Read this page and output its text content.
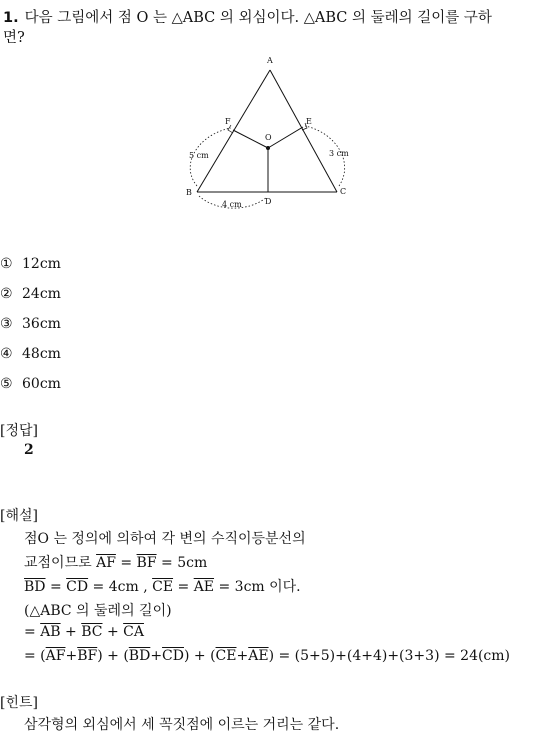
1. 다음 그림에서 점 O 는 △ABC 의 외심이다. △ABC 의 둘레의 길이를 구하
면?
A
B	C
D
E
F
O
5 cm	3 cm
4 cm
① 12cm
② 24cm
③ 36cm
④ 48cm
⑤ 60cm
[정답]
2
[해설]
점O 는 정의에 의하여 각 변의 수직이등분선의
교점이므로 $\overline{AF} = \overline{BF} = 5cm$
$\overline{BD} = \overline{CD} = 4cm$ , $\overline{CE} = \overline{AE} = 3cm$ 이다.
(△ABC 의 둘레의 길이)
= $\overline{AB} + \overline{BC} + \overline{CA}$
= $(\overline{AF}+\overline{BF}) + (\overline{BD}+\overline{CD}) + (\overline{CE}+\overline{AE}) = (5+5)+(4+4)+(3+3) = 24(cm)$
[힌트]
삼각형의 외심에서 세 꼭짓점에 이르는 거리는 같다.
